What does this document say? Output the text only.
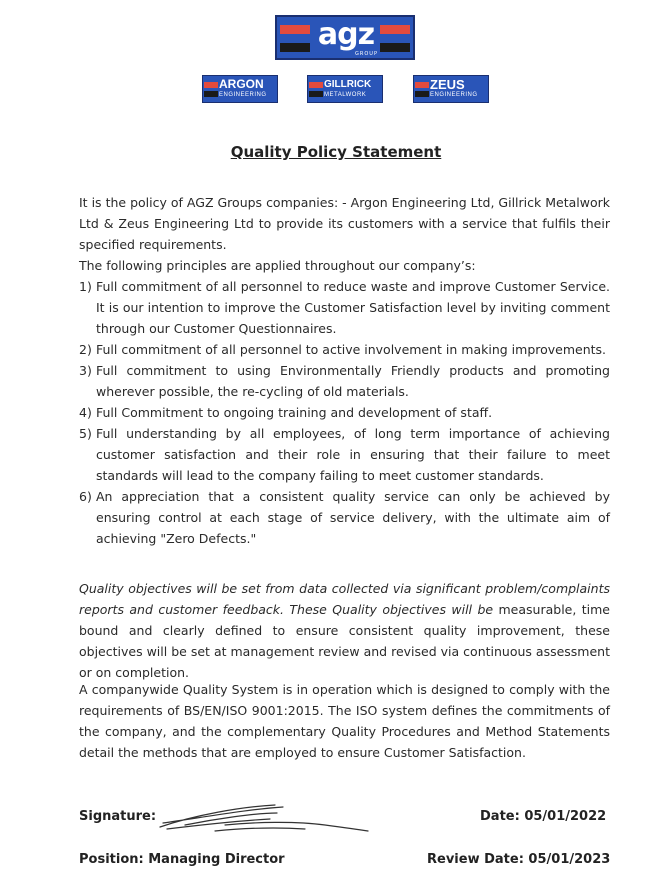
agz
GROUP
ARGON
ENGINEERING
GILLRICK
METALWORK
ZEUS
ENGINEERING
Quality Policy Statement

It is the policy of AGZ Groups companies: - Argon Engineering Ltd, Gillrick Metalwork Ltd & Zeus Engineering Ltd to provide its customers with a service that fulfils their specified requirements.

The following principles are applied throughout our company’s:

1) Full commitment of all personnel to reduce waste and improve Customer Service. It is our intention to improve the Customer Satisfaction level by inviting comment through our Customer Questionnaires.
2) Full commitment of all personnel to active involvement in making improvements.
3) Full commitment to using Environmentally Friendly products and promoting wherever possible, the re-cycling of old materials.
4) Full Commitment to ongoing training and development of staff.
5) Full understanding by all employees, of long term importance of achieving customer satisfaction and their role in ensuring that their failure to meet standards will lead to the company failing to meet customer standards.
6) An appreciation that a consistent quality service can only be achieved by ensuring control at each stage of service delivery, with the ultimate aim of achieving "Zero Defects."

Quality objectives will be set from data collected via significant problem/complaints reports and customer feedback. These Quality objectives will be measurable, time bound and clearly defined to ensure consistent quality improvement, these objectives will be set at management review and revised via continuous assessment or on completion.

A companywide Quality System is in operation which is designed to comply with the requirements of BS/EN/ISO 9001:2015. The ISO system defines the commitments of the company, and the complementary Quality Procedures and Method Statements detail the methods that are employed to ensure Customer Satisfaction.

Signature:	Date: 05/01/2022
Position: Managing Director	Review Date: 05/01/2023
